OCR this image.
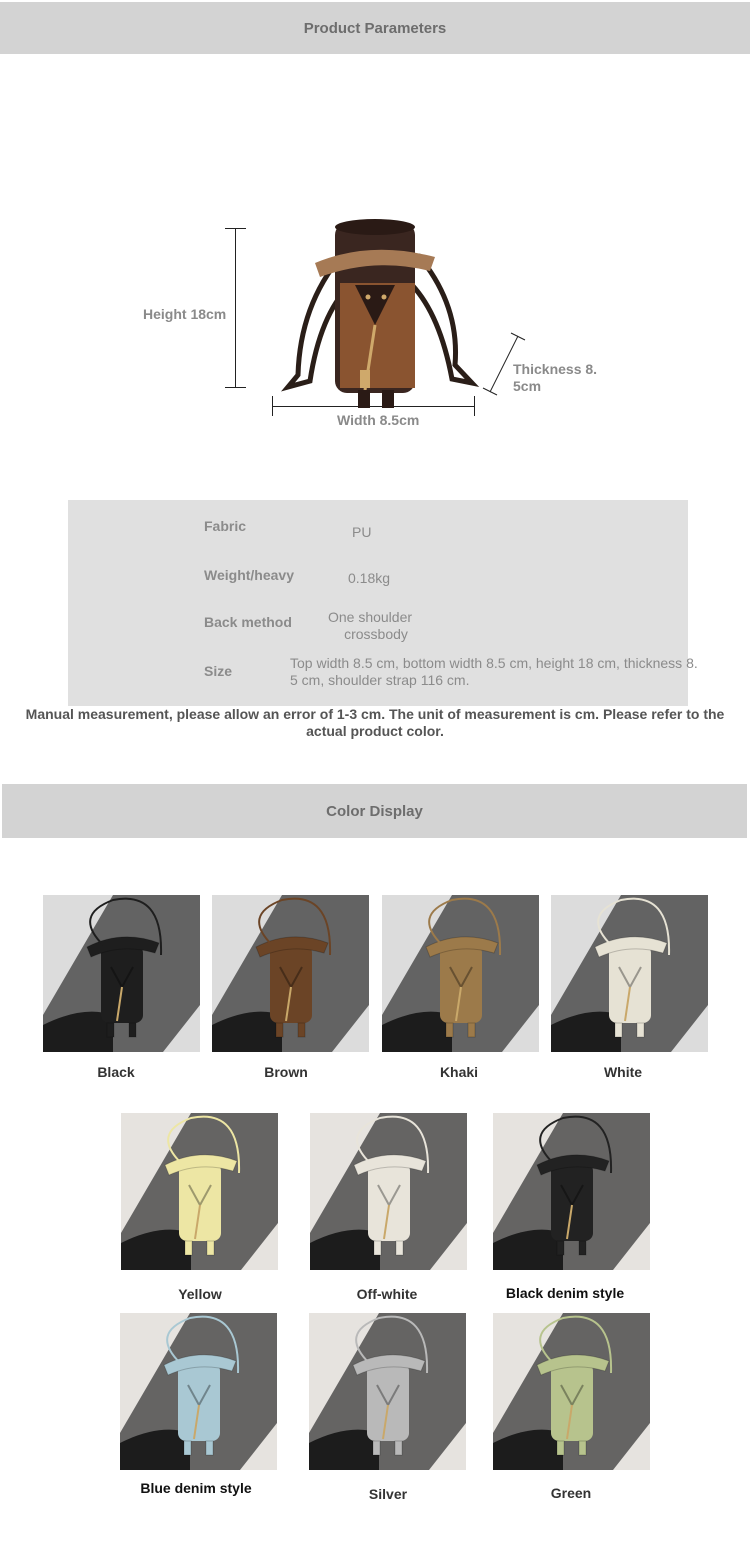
Product Parameters
Height 18cm
Width 8.5cm
Thickness 8.
5cm
Fabric	PU
Weight/heavy	0.18kg
Back method	One shoulder
crossbody
Size	Top width 8.5 cm, bottom width 8.5 cm, height 18 cm, thickness 8.
5 cm, shoulder strap 116 cm.
Manual measurement, please allow an error of 1-3 cm. The unit of measurement is cm. Please refer to the
actual product color.
Color Display
Black	Brown	Khaki	White
Yellow	Off-white	Black denim style
Blue denim style	Silver	Green
